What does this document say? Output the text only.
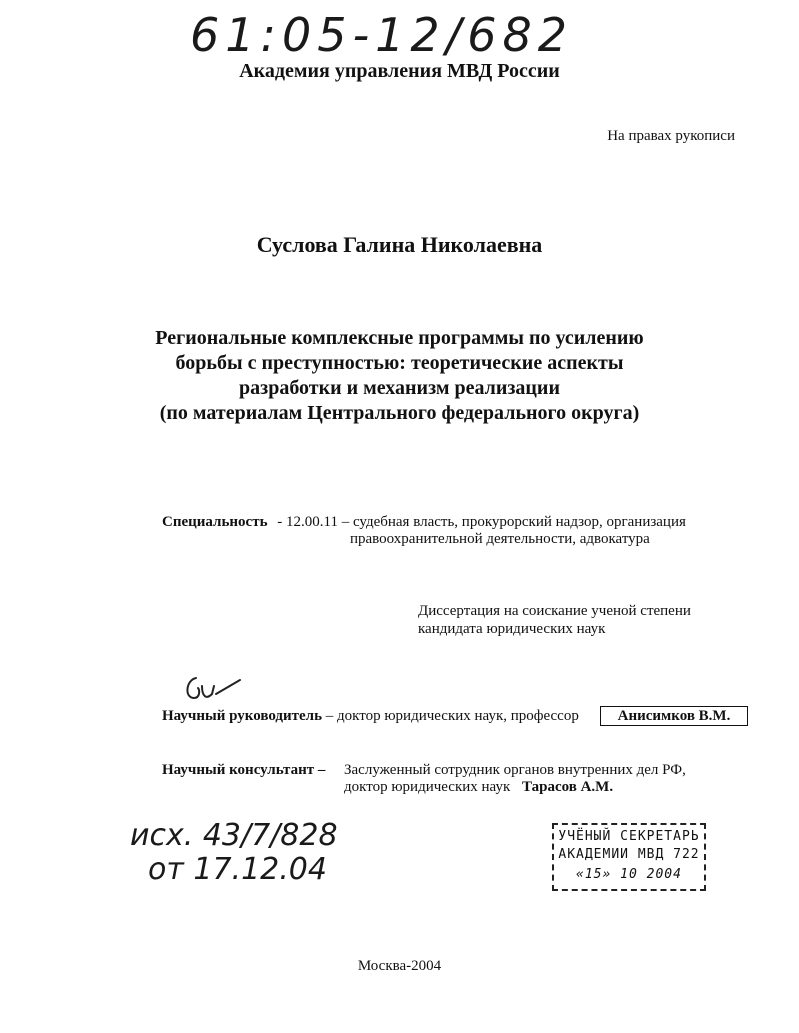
61:05-12/682
Академия управления МВД России
На правах рукописи
Суслова Галина Николаевна
Региональные комплексные программы по усилению
борьбы с преступностью: теоретические аспекты
разработки и механизм реализации
(по материалам Центрального федерального округа)
Специальность - 12.00.11 – судебная власть, прокурорский надзор, организация
правоохранительной деятельности, адвокатура
Диссертация на соискание ученой степени
кандидата юридических наук
Научный руководитель – доктор юридических наук, профессор	Анисимков В.М.
Научный консультант – Заслуженный сотрудник органов внутренних дел РФ,
доктор юридических наук Тарасов А.М.
исх. 43/7/828
от 17.12.04
УЧЁНЫЙ СЕКРЕТАРЬ
АКАДЕМИИ МВД 722
«15» 10 2004
Москва-2004
